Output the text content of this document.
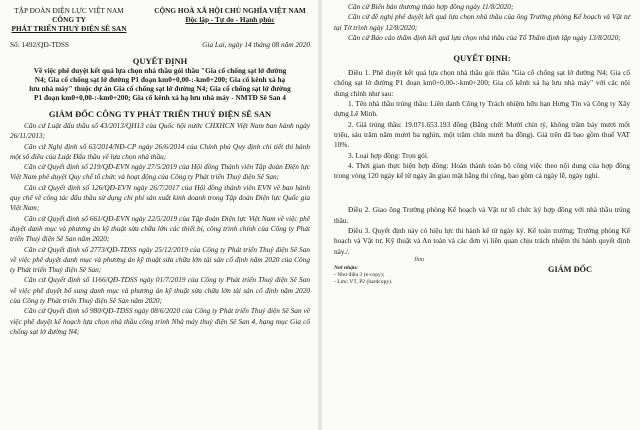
TẬP ĐOÀN ĐIỆN LỰC VIỆT NAM
CÔNG TY
PHÁT TRIỂN THUỶ ĐIỆN SÊ SAN
CỘNG HOÀ XÃ HỘI CHỦ NGHĨA VIỆT NAM
Độc lập - Tự do - Hạnh phúc
Số: 1492/QĐ-TDSS	Gia Lai, ngày 14 tháng 08 năm 2020
QUYẾT ĐỊNH
Về việc phê duyệt kết quả lựa chọn nhà thầu gói thầu "Gia cố chống sạt lở đường
N4; Gia cố chống sạt lở đường P1 đoạn km0+0,00-:-km0+200; Gia cố kênh xả hạ
lưu nhà máy" thuộc dự án Gia cố chống sạt lở đường N4; Gia cố chống sạt lở đường
P1 đoạn km0+0,00-:-km0+200; Gia cố kênh xả hạ lưu nhà máy - NMTĐ Sê San 4
GIÁM ĐỐC CÔNG TY PHÁT TRIỂN THUỶ ĐIỆN SÊ SAN

Căn cứ Luật đấu thầu số 43/2013/QH13 của Quốc hội nước CHXHCN Việt Nam ban hành ngày 26/11/2013;

Căn cứ Nghị định số 63/2014/NĐ-CP ngày 26/6/2014 của Chính phủ Quy định chi tiết thi hành một số điều của Luật Đấu thầu về lựa chọn nhà thầu;

Căn cứ Quyết định số 219/QĐ-EVN ngày 27/5/2019 của Hội đồng Thành viên Tập đoàn Điện lực Việt Nam phê duyệt Quy chế tổ chức và hoạt động của Công ty Phát triển Thuỷ điện Sê San;

Căn cứ Quyết định số 126/QĐ-EVN ngày 26/7/2017 của Hội đồng thành viên EVN về ban hành quy chế về công tác đấu thầu sử dụng chi phí sản xuất kinh doanh trong Tập đoàn Điện lực Quốc gia Việt Nam;

Căn cứ Quyết định số 661/QĐ-EVN ngày 22/5/2019 của Tập đoàn Điện lực Việt Nam về việc phê duyệt danh mục và phương án kỹ thuật sửa chữa lớn các thiết bị, công trình chính của Công ty Phát triển Thuỷ điện Sê San năm 2020;

Căn cứ Quyết định số 2773/QĐ-TDSS ngày 25/12/2019 của Công ty Phát triển Thuỷ điện Sê San về việc phê duyệt danh mục và phương án kỹ thuật sửa chữa lớn tài sản cố định năm 2020 của Công ty Phát triển Thuỷ điện Sê San;

Căn cứ Quyết định số 1166/QĐ-TDSS ngày 01/7/2019 của Công ty Phát triển Thuỷ điện Sê San về việc phê duyệt bổ sung danh mục và phương án kỹ thuật sửa chữa lớn tài sản cố định năm 2020 của Công ty Phát triển Thuỷ điện Sê San năm 2020;

Căn cứ Quyết định số 980/QĐ-TDSS ngày 08/6/2020 của Công ty Phát triển Thuỷ điện Sê San về việc phê duyệt kế hoạch lựa chọn nhà thầu công trình Nhà máy thuỷ điện Sê San 4, hạng mục Gia cố chống sạt lở đường N4;

Căn cứ Biên bản thương thảo hợp đồng ngày 11/8/2020;

Căn cứ đề nghị phê duyệt kết quả lựa chọn nhà thầu của ông Trưởng phòng Kế hoạch và Vật tư tại Tờ trình ngày 12/8/2020;

Căn cứ Báo cáo thẩm định kết quả lựa chọn nhà thầu của Tổ Thẩm định lập ngày 13/8/2020;

QUYẾT ĐỊNH:

Điều 1. Phê duyệt kết quả lựa chọn nhà thầu gói thầu "Gia cố chống sạt lở đường N4; Gia cố chống sạt lở đường P1 đoạn km0+0,00-:-km0+200; Gia cố kênh xả hạ lưu nhà máy" với các nội dung chính như sau:

1. Tên nhà thầu trúng thầu: Liên danh Công ty Trách nhiệm hữu hạn Hưng Tín và Công ty Xây dựng Lê Minh.

2. Giá trúng thầu: 19.071.653.193 đồng (Bằng chữ: Mười chín tỷ, không trăm bảy mươi mốt triệu, sáu trăm năm mươi ba nghìn, một trăm chín mươi ba đồng). Giá trên đã bao gồm thuế VAT 10%.

3. Loại hợp đồng: Trọn gói.

4. Thời gian thực hiện hợp đồng: Hoàn thành toàn bộ công việc theo nội dung của hợp đồng trong vòng 120 ngày kể từ ngày ấn giao mặt bằng thi công, bao gồm cả ngày lễ, ngày nghỉ.

Điều 2. Giao ông Trưởng phòng Kế hoạch và Vật tư tổ chức ký hợp đồng với nhà thầu trúng thầu.

Điều 3. Quyết định này có hiệu lực thi hành kể từ ngày ký. Kế toán trưởng; Trưởng phòng Kế hoạch và Vật tư, Kỹ thuật và An toàn và các đơn vị liên quan chịu trách nhiệm thi hành quyết định này./.

Jhm
Nơi nhận:
- Như điều 3 (e-copy);
- Lưu: VT, P2 (hardcopy).
GIÁM ĐỐC
